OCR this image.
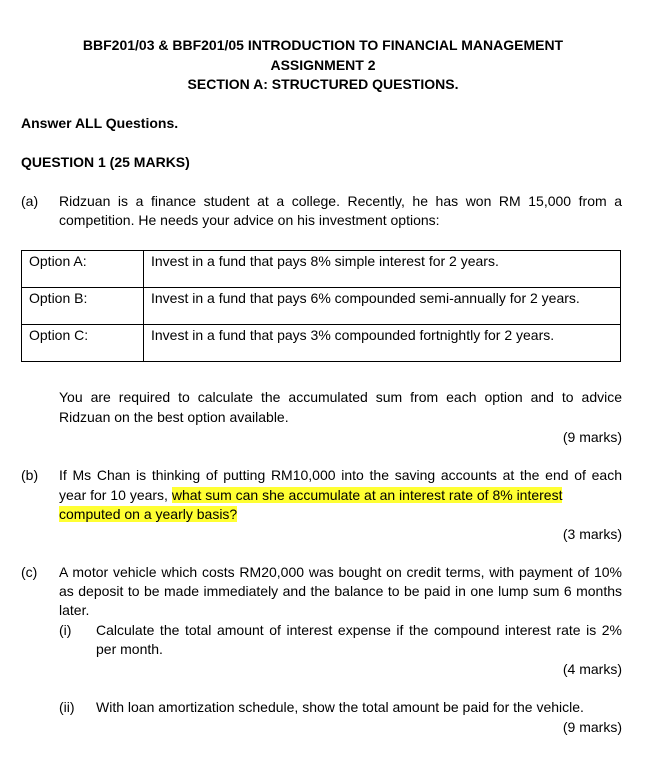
BBF201/03 & BBF201/05 INTRODUCTION TO FINANCIAL MANAGEMENT
ASSIGNMENT 2
SECTION A: STRUCTURED QUESTIONS.
Answer ALL Questions.
QUESTION 1 (25 MARKS)
(a) Ridzuan is a finance student at a college. Recently, he has won RM 15,000 from a
competition. He needs your advice on his investment options:
Option A:	Invest in a fund that pays 8% simple interest for 2 years.
Option B:	Invest in a fund that pays 6% compounded semi-annually for 2 years.
Option C:	Invest in a fund that pays 3% compounded fortnightly for 2 years.
You are required to calculate the accumulated sum from each option and to advice
Ridzuan on the best option available.
(9 marks)
(b) If Ms Chan is thinking of putting RM10,000 into the saving accounts at the end of each
year for 10 years, what sum can she accumulate at an interest rate of 8% interest
computed on a yearly basis?
(3 marks)
(c) A motor vehicle which costs RM20,000 was bought on credit terms, with payment of 10%
as deposit to be made immediately and the balance to be paid in one lump sum 6 months
later.
(i) Calculate the total amount of interest expense if the compound interest rate is 2%
per month.
(4 marks)
(ii) With loan amortization schedule, show the total amount be paid for the vehicle.
(9 marks)
